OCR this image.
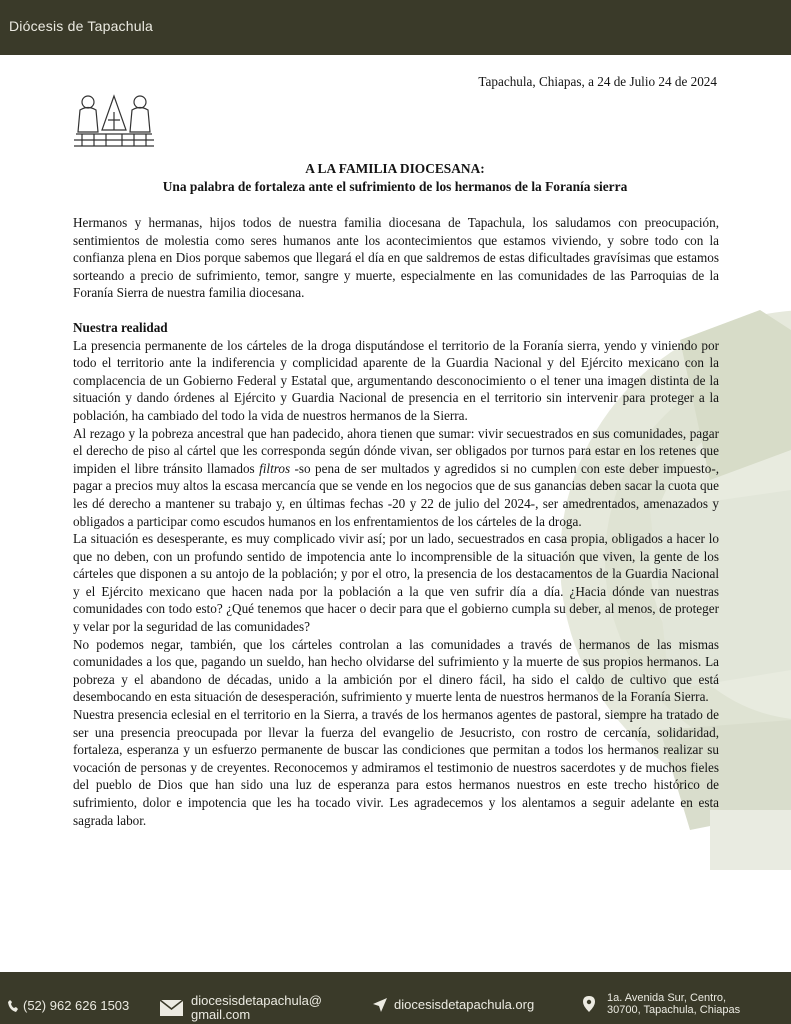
Diócesis de Tapachula
Tapachula, Chiapas, a 24 de Julio 24 de 2024
A LA FAMILIA DIOCESANA:
Una palabra de fortaleza ante el sufrimiento de los hermanos de la Foranía sierra

Hermanos y hermanas, hijos todos de nuestra familia diocesana de Tapachula, los saludamos con preocupación, sentimientos de molestia como seres humanos ante los acontecimientos que estamos viviendo, y sobre todo con la confianza plena en Dios porque sabemos que llegará el día en que saldremos de estas dificultades gravísimas que estamos sorteando a precio de sufrimiento, temor, sangre y muerte, especialmente en las comunidades de las Parroquias de la Foranía Sierra de nuestra familia diocesana.

Nuestra realidad

La presencia permanente de los cárteles de la droga disputándose el territorio de la Foranía sierra, yendo y viniendo por todo el territorio ante la indiferencia y complicidad aparente de la Guardia Nacional y del Ejército mexicano con la complacencia de un Gobierno Federal y Estatal que, argumentando desconocimiento o el tener una imagen distinta de la situación y dando órdenes al Ejército y Guardia Nacional de presencia en el territorio sin intervenir para proteger a la población, ha cambiado del todo la vida de nuestros hermanos de la Sierra.

Al rezago y la pobreza ancestral que han padecido, ahora tienen que sumar: vivir secuestrados en sus comunidades, pagar el derecho de piso al cártel que les corresponda según dónde vivan, ser obligados por turnos para estar en los retenes que impiden el libre tránsito llamados filtros -so pena de ser multados y agredidos si no cumplen con este deber impuesto-, pagar a precios muy altos la escasa mercancía que se vende en los negocios que de sus ganancias deben sacar la cuota que les dé derecho a mantener su trabajo y, en últimas fechas -20 y 22 de julio del 2024-, ser amedrentados, amenazados y obligados a participar como escudos humanos en los enfrentamientos de los cárteles de la droga.

La situación es desesperante, es muy complicado vivir así; por un lado, secuestrados en casa propia, obligados a hacer lo que no deben, con un profundo sentido de impotencia ante lo incomprensible de la situación que viven, la gente de los cárteles que disponen a su antojo de la población; y por el otro, la presencia de los destacamentos de la Guardia Nacional y el Ejército mexicano que hacen nada por la población a la que ven sufrir día a día. ¿Hacia dónde van nuestras comunidades con todo esto? ¿Qué tenemos que hacer o decir para que el gobierno cumpla su deber, al menos, de proteger y velar por la seguridad de las comunidades?

No podemos negar, también, que los cárteles controlan a las comunidades a través de hermanos de las mismas comunidades a los que, pagando un sueldo, han hecho olvidarse del sufrimiento y la muerte de sus propios hermanos. La pobreza y el abandono de décadas, unido a la ambición por el dinero fácil, ha sido el caldo de cultivo que está desembocando en esta situación de desesperación, sufrimiento y muerte lenta de nuestros hermanos de la Foranía Sierra.

Nuestra presencia eclesial en el territorio en la Sierra, a través de los hermanos agentes de pastoral, siempre ha tratado de ser una presencia preocupada por llevar la fuerza del evangelio de Jesucristo, con rostro de cercanía, solidaridad, fortaleza, esperanza y un esfuerzo permanente de buscar las condiciones que permitan a todos los hermanos realizar su vocación de personas y de creyentes. Reconocemos y admiramos el testimonio de nuestros sacerdotes y de muchos fieles del pueblo de Dios que han sido una luz de esperanza para estos hermanos nuestros en este trecho histórico de sufrimiento, dolor e impotencia que les ha tocado vivir. Les agradecemos y los alentamos a seguir adelante en esta sagrada labor.

(52) 962 626 1503	diocesisdetapachula@
gmail.com
diocesisdetapachula.org	1a. Avenida Sur, Centro,
30700, Tapachula, Chiapas
